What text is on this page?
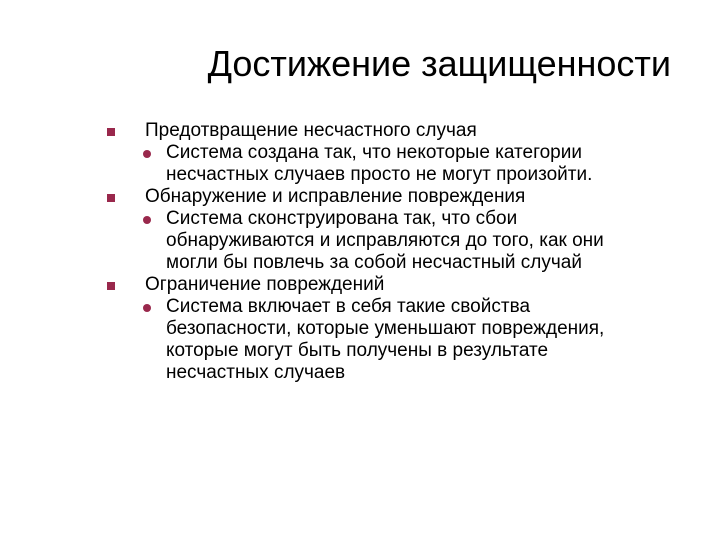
Достижение защищенности
Предотвращение несчастного случая
Система создана так, что некоторые категории несчастных случаев просто не могут произойти.
Обнаружение и исправление повреждения
Система сконструирована так, что сбои обнаруживаются и исправляются до того, как они могли бы повлечь за собой несчастный случай
Ограничение повреждений
Система включает в себя такие свойства безопасности, которые уменьшают повреждения, которые могут быть получены в результате несчастных случаев
